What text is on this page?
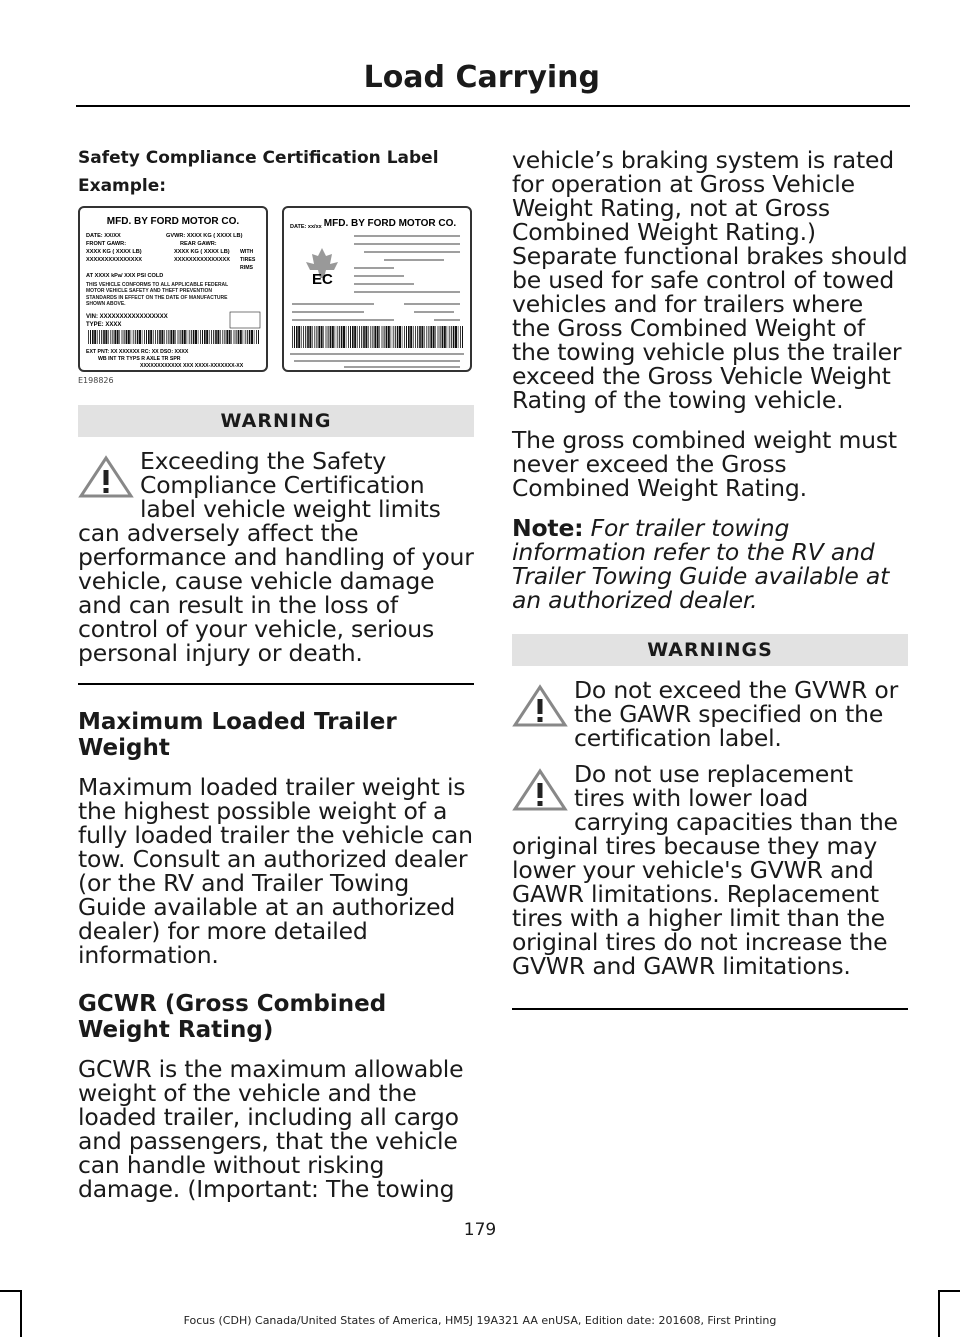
Load Carrying
Safety Compliance Certification Label
Example:
MFD. BY FORD MOTOR CO.
DATE: XX/XX	GVWR: XXXX KG ( XXXX LB)
FRONT GAWR:	REAR GAWR:
XXXX KG ( XXXX LB)	XXXX KG ( XXXX LB)
XXXXXXXXXXXXXXX	XXXXXXXXXXXXXXX
WITH
TIRES
RIMS
AT XXXX kPa/ XXX PSI COLD
THIS VEHICLE CONFORMS TO ALL APPLICABLE FEDERAL MOTOR VEHICLE SAFETY AND THEFT PREVENTION STANDARDS IN EFFECT ON THE DATE OF MANUFACTURE SHOWN ABOVE.
VIN: XXXXXXXXXXXXXXXXX
TYPE: XXXX
EXT PNT: XX XXXXXX RC: XX DSO: XXXX
WB INT TR TYPS R AXLE TR SPR
XXXXXXXXXXXX XXX XXXX-XXXXXXX-XX
MFD. BY FORD MOTOR CO.
DATE: xx/xx
EC
E198826
WARNING
Exceeding the Safety Compliance Certification label vehicle weight limits can adversely affect the performance and handling of your vehicle, cause vehicle damage and can result in the loss of control of your vehicle, serious personal injury or death.
Maximum Loaded Trailer Weight

Maximum loaded trailer weight is the highest possible weight of a fully loaded trailer the vehicle can tow. Consult an authorized dealer (or the RV and Trailer Towing Guide available at an authorized dealer) for more detailed information.

GCWR (Gross Combined Weight Rating)

GCWR is the maximum allowable weight of the vehicle and the loaded trailer, including all cargo and passengers, that the vehicle can handle without risking damage. (Important: The towing

vehicle’s braking system is rated for operation at Gross Vehicle Weight Rating, not at Gross Combined Weight Rating.) Separate functional brakes should be used for safe control of towed vehicles and for trailers where the Gross Combined Weight of the towing vehicle plus the trailer exceed the Gross Vehicle Weight Rating of the towing vehicle.

The gross combined weight must never exceed the Gross Combined Weight Rating.

Note: For trailer towing information refer to the RV and Trailer Towing Guide available at an authorized dealer.

WARNINGS
Do not exceed the GVWR or the GAWR specified on the certification label.
Do not use replacement tires with lower load carrying capacities than the original tires because they may lower your vehicle's GVWR and GAWR limitations. Replacement tires with a higher limit than the original tires do not increase the GVWR and GAWR limitations.
179
Focus (CDH) Canada/United States of America, HM5J 19A321 AA enUSA, Edition date: 201608, First Printing
